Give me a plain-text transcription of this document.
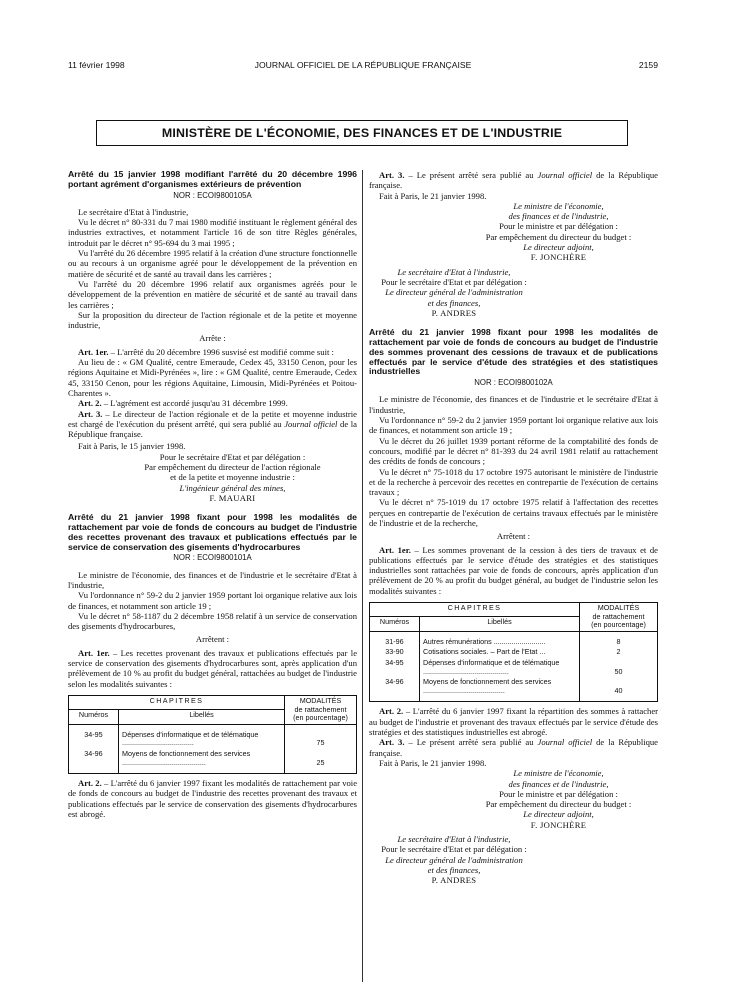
11 février 1998	JOURNAL OFFICIEL DE LA RÉPUBLIQUE FRANÇAISE	2159
MINISTÈRE DE L'ÉCONOMIE, DES FINANCES ET DE L'INDUSTRIE
Arrêté du 15 janvier 1998 modifiant l'arrêté du 20 décembre 1996 portant agrément d'organismes extérieurs de prévention
NOR : ECOI9800105A

Le secrétaire d'Etat à l'industrie,

Vu le décret n° 80-331 du 7 mai 1980 modifié instituant le règlement général des industries extractives, et notamment l'article 16 de son titre Règles générales, introduit par le décret n° 95-694 du 3 mai 1995 ;

Vu l'arrêté du 26 décembre 1995 relatif à la création d'une structure fonctionnelle ou au recours à un organisme agréé pour le développement de la prévention en matière de sécurité et de santé au travail dans les carrières ;

Vu l'arrêté du 20 décembre 1996 relatif aux organismes agréés pour le développement de la prévention en matière de sécurité et de santé au travail dans les carrières ;

Sur la proposition du directeur de l'action régionale et de la petite et moyenne industrie,

Arrête :

Art. 1er. – L'arrêté du 20 décembre 1996 susvisé est modifié comme suit :

Au lieu de : « GM Qualité, centre Emeraude, Cedex 45, 33150 Cenon, pour les régions Aquitaine et Midi-Pyrénées », lire : « GM Qualité, centre Emeraude, Cedex 45, 33150 Cenon, pour les régions Aquitaine, Limousin, Midi-Pyrénées et Poitou-Charentes ».

Art. 2. – L'agrément est accordé jusqu'au 31 décembre 1999.

Art. 3. – Le directeur de l'action régionale et de la petite et moyenne industrie est chargé de l'exécution du présent arrêté, qui sera publié au Journal officiel de la République française.

Fait à Paris, le 15 janvier 1998.

Pour le secrétaire d'Etat et par délégation :
Par empêchement du directeur de l'action régionale
et de la petite et moyenne industrie :
L'ingénieur général des mines,
F. MAUARI
Arrêté du 21 janvier 1998 fixant pour 1998 les modalités de rattachement par voie de fonds de concours au budget de l'industrie des recettes provenant des travaux et publications effectués par le service de conservation des gisements d'hydrocarbures
NOR : ECOI9800101A

Le ministre de l'économie, des finances et de l'industrie et le secrétaire d'Etat à l'industrie,

Vu l'ordonnance n° 59-2 du 2 janvier 1959 portant loi organique relative aux lois de finances, et notamment son article 19 ;

Vu le décret n° 58-1187 du 2 décembre 1958 relatif à un service de conservation des gisements d'hydrocarbures,

Arrêtent :

Art. 1er. – Les recettes provenant des travaux et publications effectués par le service de conservation des gisements d'hydrocarbures sont, après application d'un prélèvement de 10 % au profit du budget général, rattachées au budget de l'industrie selon les modalités suivantes :

CHAPITRES		MODALITÉS
de rattachement
(en pourcentage)

Numéros	Libellés	
34-95	Dépenses d'informatique et de télématique ....................................	75
34-96	Moyens de fonctionnement des services ..........................................	25

Art. 2. – L'arrêté du 6 janvier 1997 fixant les modalités de rattachement par voie de fonds de concours au budget de l'industrie des recettes provenant des travaux et publications effectués par le service de conservation des gisements d'hydrocarbures est abrogé.

Art. 3. – Le présent arrêté sera publié au Journal officiel de la République française.

Fait à Paris, le 21 janvier 1998.

Le ministre de l'économie,
des finances et de l'industrie,
Pour le ministre et par délégation :
Par empêchement du directeur du budget :
Le directeur adjoint,
F. JONCHÈRE
Le secrétaire d'Etat à l'industrie,
Pour le secrétaire d'Etat et par délégation :
Le directeur général de l'administration
et des finances,
P. ANDRES
Arrêté du 21 janvier 1998 fixant pour 1998 les modalités de rattachement par voie de fonds de concours au budget de l'industrie des sommes provenant des cessions de travaux et de publications effectués par le service d'étude des stratégies et des statistiques industrielles
NOR : ECOI9800102A

Le ministre de l'économie, des finances et de l'industrie et le secrétaire d'Etat à l'industrie,

Vu l'ordonnance n° 59-2 du 2 janvier 1959 portant loi organique relative aux lois de finances, et notamment son article 19 ;

Vu le décret du 26 juillet 1939 portant réforme de la comptabilité des fonds de concours, modifié par le décret n° 81-393 du 24 avril 1981 relatif au rattachement des crédits de fonds de concours ;

Vu le décret n° 75-1018 du 17 octobre 1975 autorisant le ministère de l'industrie et de la recherche à percevoir des recettes en contrepartie de l'exécution de certains travaux ;

Vu le décret n° 75-1019 du 17 octobre 1975 relatif à l'affectation des recettes perçues en contrepartie de l'exécution de certains travaux effectués par le ministère de l'industrie et de la recherche,

Arrêtent :

Art. 1er. – Les sommes provenant de la cession à des tiers de travaux et de publications effectués par le service d'étude des stratégies et des statistiques industrielles sont rattachées par voie de fonds de concours, après application d'un prélèvement de 20 % au profit du budget général, au budget de l'industrie selon les modalités suivantes :

CHAPITRES		MODALITÉS
de rattachement
(en pourcentage)

Numéros	Libellés	
31-96	Autres rémunérations ..........................	8
33-90	Cotisations sociales. – Part de l'Etat ...	2
34-95	Dépenses d'informatique et de télématique ...........................................	50
34-96	Moyens de fonctionnement des services .........................................	40

Art. 2. – L'arrêté du 6 janvier 1997 fixant la répartition des sommes à rattacher au budget de l'industrie et provenant des travaux effectués par le service d'étude des stratégies et des statistiques industrielles est abrogé.

Art. 3. – Le présent arrêté sera publié au Journal officiel de la République française.

Fait à Paris, le 21 janvier 1998.

Le ministre de l'économie,
des finances et de l'industrie,
Pour le ministre et par délégation :
Par empêchement du directeur du budget :
Le directeur adjoint,
F. JONCHÈRE
Le secrétaire d'Etat à l'industrie,
Pour le secrétaire d'Etat et par délégation :
Le directeur général de l'administration
et des finances,
P. ANDRES
